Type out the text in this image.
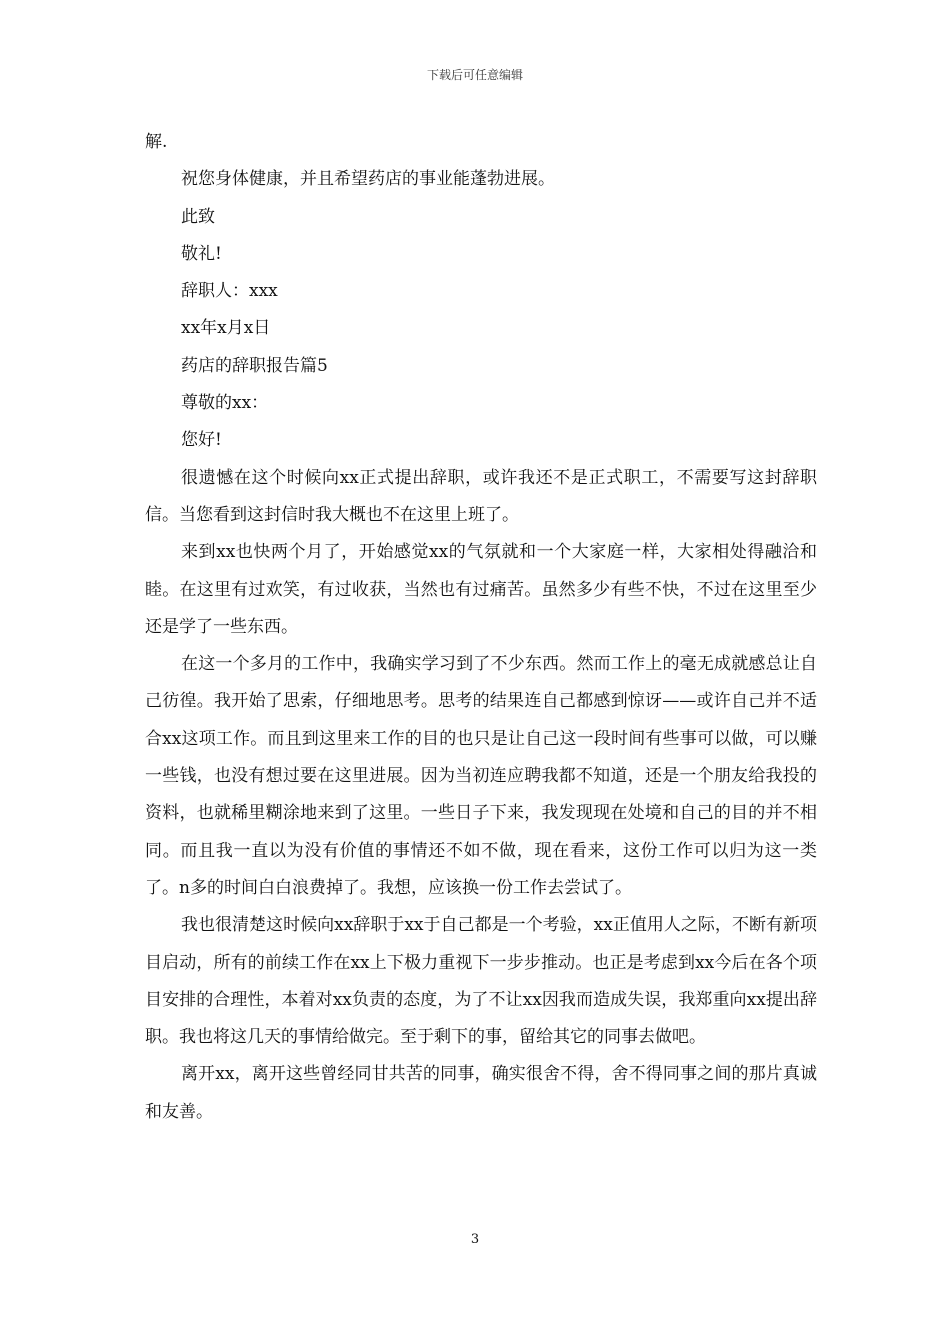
下载后可任意编辑

解.

祝您身体健康，并且希望药店的事业能蓬勃进展。

此致

敬礼!

辞职人：xxx

xx年x月x日

药店的辞职报告篇5

尊敬的xx：

您好!

很遗憾在这个时候向xx正式提出辞职，或许我还不是正式职工，不需要写这封辞职信。当您看到这封信时我大概也不在这里上班了。

来到xx也快两个月了，开始感觉xx的气氛就和一个大家庭一样，大家相处得融洽和睦。在这里有过欢笑，有过收获，当然也有过痛苦。虽然多少有些不快，不过在这里至少还是学了一些东西。

在这一个多月的工作中，我确实学习到了不少东西。然而工作上的毫无成就感总让自己彷徨。我开始了思索，仔细地思考。思考的结果连自己都感到惊讶——或许自己并不适合xx这项工作。而且到这里来工作的目的也只是让自己这一段时间有些事可以做，可以赚一些钱，也没有想过要在这里进展。因为当初连应聘我都不知道，还是一个朋友给我投的资料，也就稀里糊涂地来到了这里。一些日子下来，我发现现在处境和自己的目的并不相同。而且我一直以为没有价值的事情还不如不做，现在看来，这份工作可以归为这一类了。n多的时间白白浪费掉了。我想，应该换一份工作去尝试了。

我也很清楚这时候向xx辞职于xx于自己都是一个考验，xx正值用人之际，不断有新项目启动，所有的前续工作在xx上下极力重视下一步步推动。也正是考虑到xx今后在各个项目安排的合理性，本着对xx负责的态度，为了不让xx因我而造成失误，我郑重向xx提出辞职。我也将这几天的事情给做完。至于剩下的事，留给其它的同事去做吧。

离开xx，离开这些曾经同甘共苦的同事，确实很舍不得，舍不得同事之间的那片真诚和友善。

3
